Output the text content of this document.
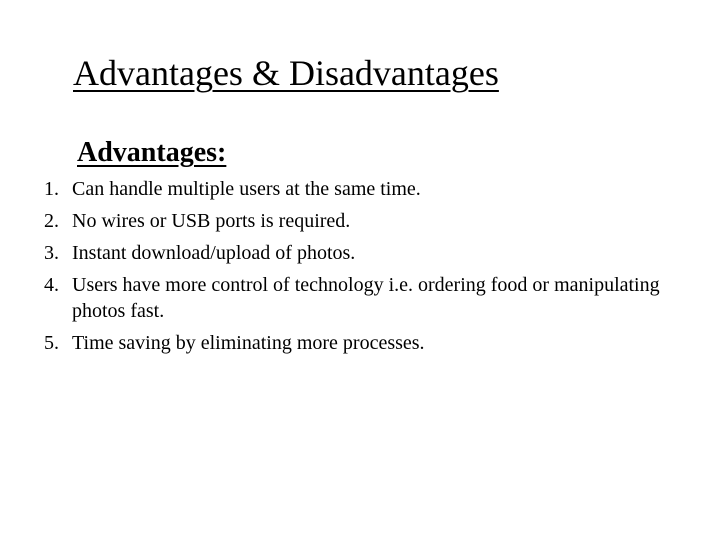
Advantages & Disadvantages
Advantages:
1. Can handle multiple users at the same time.
2. No wires or USB ports is required.
3. Instant download/upload of photos.
4. Users have more control of technology i.e. ordering food or manipulating photos fast.
5. Time saving by eliminating more processes.
